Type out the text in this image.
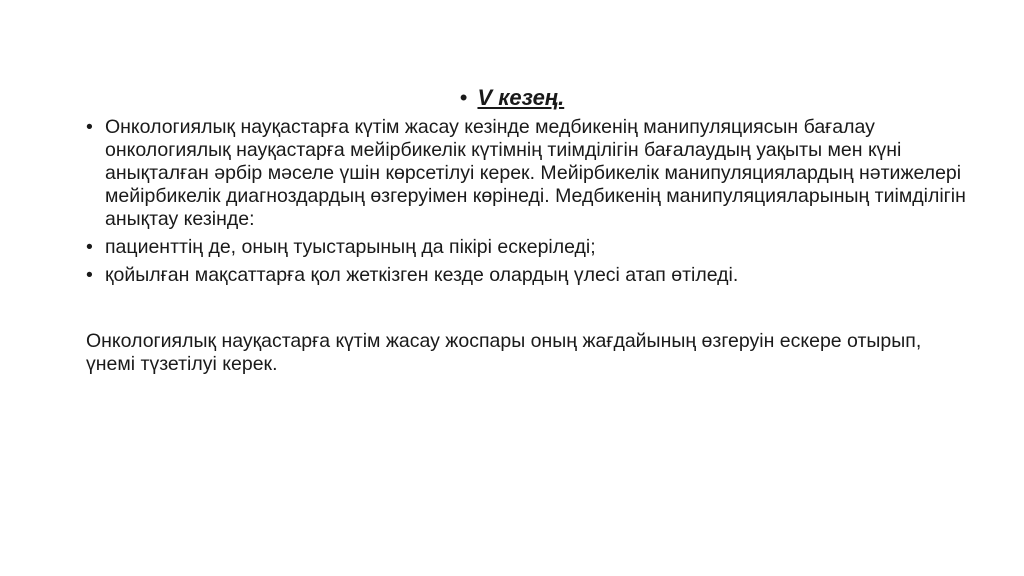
• V кезең.
• Онкологиялық науқастарға күтім жасау кезінде медбикенің манипуляциясын бағалау онкологиялық науқастарға мейірбикелік күтімнің тиімділігін бағалаудың уақыты мен күні анықталған әрбір мәселе үшін көрсетілуі керек. Мейірбикелік манипуляциялардың нәтижелері мейірбикелік диагноздардың өзгеруімен көрінеді. Медбикенің манипуляцияларының тиімділігін анықтау кезінде:
• пациенттің де, оның туыстарының да пікірі ескеріледі;
• қойылған мақсаттарға қол жеткізген кезде олардың үлесі атап өтіледі.

Онкологиялық науқастарға күтім жасау жоспары оның жағдайының өзгеруін ескере отырып, үнемі түзетілуі керек.
